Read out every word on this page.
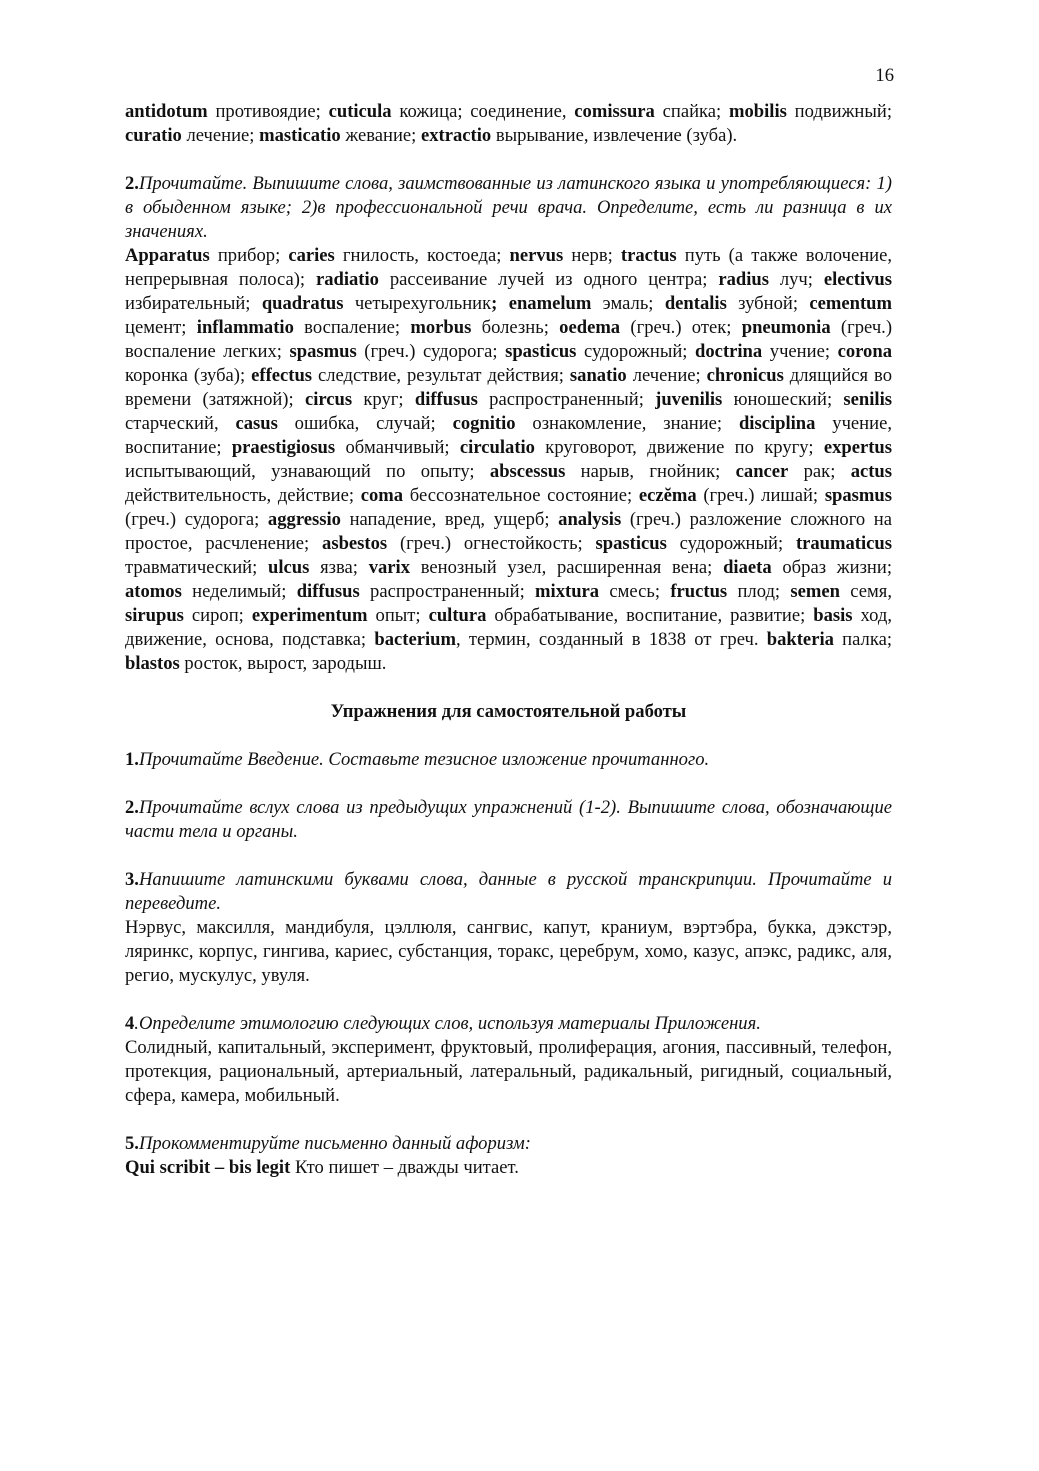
16

antidotum противоядие; cuticula кожица; соединение, comissura спайка; mobilis подвижный; curatio лечение; masticatio жевание; extractio вырывание, извлечение (зуба).

2.Прочитайте. Выпишите слова, заимствованные из латинского языка и употребляющиеся: 1) в обыденном языке; 2)в профессиональной речи врача. Определите, есть ли разница в их значениях.

Apparatus прибор; caries гнилость, костоеда; nervus нерв; tractus путь (а также волочение, непрерывная полоса); radiatio рассеивание лучей из одного центра; radius луч; electivus избирательный; quadratus четырехугольник; enamelum эмаль; dentalis зубной; cementum цемент; inflammatio воспаление; morbus болезнь; oedema (греч.) отек; pneumonia (греч.) воспаление легких; spasmus (греч.) судорога; spasticus судорожный; doctrina учение; corona коронка (зуба); effectus следствие, результат действия; sanatio лечение; chronicus длящийся во времени (затяжной); circus круг; diffusus распространенный; juvenilis юношеский; senilis старческий, casus ошибка, случай; cognitio ознакомление, знание; disciplina учение, воспитание; praestigiosus обманчивый; circulatio круговорот, движение по кругу; expertus испытывающий, узнавающий по опыту; abscessus нарыв, гнойник; cancer рак; actus действительность, действие; coma бессознательное состояние; eczĕma (греч.) лишай; spasmus (греч.) судорога; aggressio нападение, вред, ущерб; analysis (греч.) разложение сложного на простое, расчленение; asbestos (греч.) огнестойкость; spasticus судорожный; traumaticus травматический; ulcus язва; varix венозный узел, расширенная вена; diaeta образ жизни; atomos неделимый; diffusus распространенный; mixtura смесь; fructus плод; semen семя, sirupus сироп; experimentum опыт; cultura обрабатывание, воспитание, развитие; basis ход, движение, основа, подставка; bacterium, термин, созданный в 1838 от греч. bakteria палка; blastos росток, вырост, зародыш.

Упражнения для самостоятельной работы

1.Прочитайте Введение. Составьте тезисное изложение прочитанного.

2.Прочитайте вслух слова из предыдущих упражнений (1-2). Выпишите слова, обозначающие части тела и органы.

3.Напишите латинскими буквами слова, данные в русской транскрипции. Прочитайте и переведите.

Нэрвус, максилля, мандибуля, цэллюля, сангвис, капут, краниум, вэртэбра, букка, дэкстэр, ляринкс, корпус, гингива, кариес, субстанция, торакс, церебрум, хомо, казус, апэкс, радикс, аля, регио, мускулус, увуля.

4.Определите этимологию следующих слов, используя материалы Приложения.

Солидный, капитальный, эксперимент, фруктовый, пролиферация, агония, пассивный, телефон, протекция, рациональный, артериальный, латеральный, радикальный, ригидный, социальный, сфера, камера, мобильный.

5.Прокомментируйте письменно данный афоризм:

Qui scribit – bis legit Кто пишет – дважды читает.
